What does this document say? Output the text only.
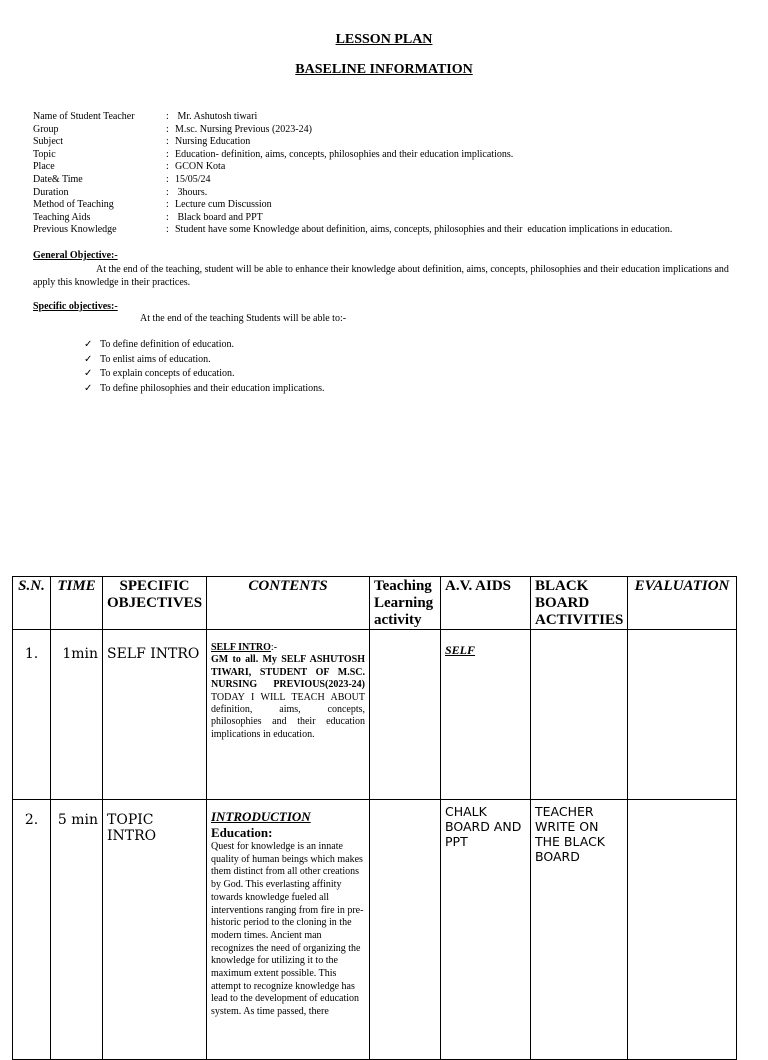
LESSON PLAN
BASELINE INFORMATION
Name of Student Teacher	: Mr. Ashutosh tiwari
Group	: M.sc. Nursing Previous (2023-24)
Subject	: Nursing Education
Topic	: Education- definition, aims, concepts, philosophies and their education implications.
Place	: GCON Kota
Date& Time	: 15/05/24
Duration	: 3hours.
Method of Teaching	: Lecture cum Discussion
Teaching Aids	: Black board and PPT
Previous Knowledge	: Student have some Knowledge about definition, aims, concepts, philosophies and their  education implications in education.
General Objective:-
At the end of the teaching, student will be able to enhance their knowledge about definition, aims, concepts, philosophies and their education implications and apply this knowledge in their practices.
Specific objectives:-
At the end of the teaching Students will be able to:-
✓ To define definition of education.
✓ To enlist aims of education.
✓ To explain concepts of education.
✓ To define philosophies and their education implications.
S.N.	TIME	SPECIFIC OBJECTIVES	CONTENTS	Teaching Learning activity	A.V. AIDS	BLACK BOARD ACTIVITIES	EVALUATION
1.	1min	SELF INTRO	SELF INTRO:-
GM to all. My SELF ASHUTOSH TIWARI, STUDENT OF M.SC. NURSING PREVIOUS(2023-24) TODAY I WILL TEACH ABOUT definition, aims, concepts, philosophies and their education implications in education.		SELF		
2.	5 min	TOPIC INTRO	INTRODUCTION
Education:
Quest for knowledge is an innate quality of human beings which makes them distinct from all other creations by God. This everlasting affinity towards knowledge fueled all interventions ranging from fire in pre-historic period to the cloning in the modern times. Ancient man recognizes the need of organizing the knowledge for utilizing it to the maximum extent possible. This attempt to recognize knowledge has lead to the development of education system. As time passed, there		CHALK BOARD AND PPT	TEACHER WRITE ON THE BLACK BOARD	
